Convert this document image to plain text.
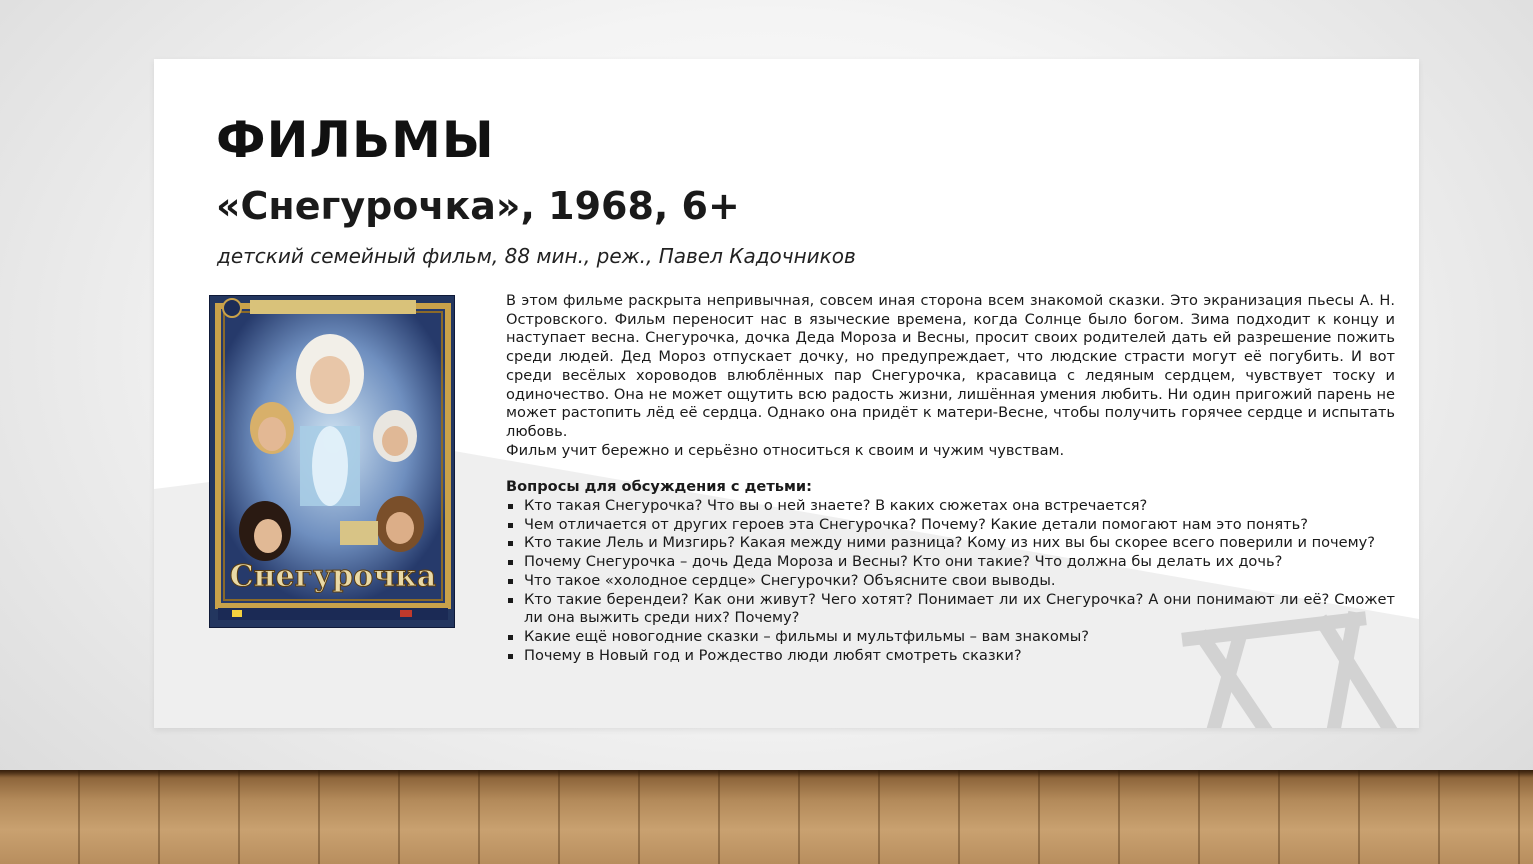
ФИЛЬМЫ
«Снегурочка», 1968, 6+
детский семейный фильм, 88 мин., реж., Павел Кадочников
Снегурочка

В этом фильме раскрыта непривычная, совсем иная сторона всем знакомой сказки. Это экранизация пьесы А. Н. Островского. Фильм переносит нас в языческие времена, когда Солнце было богом. Зима подходит к концу и наступает весна. Снегурочка, дочка Деда Мороза и Весны, просит своих родителей дать ей разрешение пожить среди людей. Дед Мороз отпускает дочку, но предупреждает, что людские страсти могут её погубить. И вот среди весёлых хороводов влюблённых пар Снегурочка, красавица с ледяным сердцем, чувствует тоску и одиночество. Она не может ощутить всю радость жизни, лишённая умения любить. Ни один пригожий парень не может растопить лёд её сердца. Однако она придёт к матери-Весне, чтобы получить горячее сердце и испытать любовь.

Фильм учит бережно и серьёзно относиться к своим и чужим чувствам.

Вопросы для обсуждения с детьми:

Кто такая Снегурочка? Что вы о ней знаете? В каких сюжетах она встречается?
Чем отличается от других героев эта Снегурочка? Почему? Какие детали помогают нам это понять?
Кто такие Лель и Мизгирь? Какая между ними разница? Кому из них вы бы скорее всего поверили и почему?
Почему Снегурочка – дочь Деда Мороза и Весны? Кто они такие? Что должна бы делать их дочь?
Что такое «холодное сердце» Снегурочки? Объясните свои выводы.
Кто такие берендеи? Как они живут? Чего хотят? Понимает ли их Снегурочка? А они понимают ли её? Сможет ли она выжить среди них? Почему?
Какие ещё новогодние сказки – фильмы и мультфильмы – вам знакомы?
Почему в Новый год и Рождество люди любят смотреть сказки?
